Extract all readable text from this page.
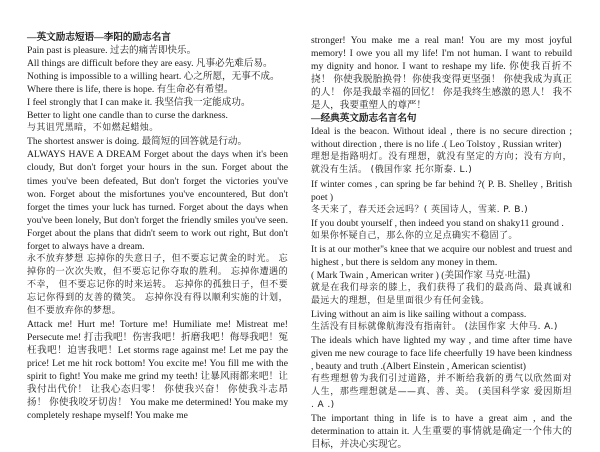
—英文励志短语—李阳的励志名言

Pain past is pleasure. 过去的痛苦即快乐。

All things are difficult before they are easy. 凡事必先难后易。

Nothing is impossible to a willing heart. 心之所愿，无事不成。

Where there is life, there is hope. 有生命必有希望。

I feel strongly that I can make it. 我坚信我一定能成功。

Better to light one candle than to curse the darkness.

与其诅咒黑暗，不如燃起蜡烛。

The shortest answer is doing. 最简短的回答就是行动。

ALWAYS HAVE A DREAM Forget about the days when it's been cloudy, But don't forget your hours in the sun. Forget about the times you've been defeated, But don't forget the victories you've won. Forget about the misfortunes you've encountered, But don't forget the times your luck has turned. Forget about the days when you've been lonely, But don't forget the friendly smiles you've seen. Forget about the plans that didn't seem to work out right, But don't forget to always have a dream.

永不放弃梦想 忘掉你的失意日子，但不要忘记黄金的时光。 忘掉你的一次次失败，但不要忘记你夺取的胜利。 忘掉你遭遇的不幸， 但不要忘记你的时来运转。 忘掉你的孤独日子，但不要忘记你得到的友善的微笑。 忘掉你没有得以顺利实施的计划，但不要放弃你的梦想。

Attack me! Hurt me! Torture me! Humiliate me! Mistreat me! Persecute me! 打击我吧！伤害我吧！折磨我吧！侮辱我吧！冤枉我吧！迫害我吧！Let storms rage against me! Let me pay the price! Let me hit rock bottom! You excite me! You fill me with the spirit to fight! You make me grind my teeth! 让暴风雨都来吧！让我付出代价！ 让我心态归零！ 你使我兴奋！ 你使我斗志昂扬！ 你使我咬牙切齿！ You make me determined! You make my completely reshape myself! You make me

stronger! You make me a real man! You are my most joyful memory! I owe you all my life! I'm not human. I want to rebuild my dignity and honor. I want to reshape my life. 你使我百折不挠！ 你使我脱胎换骨！你使我变得更坚强！ 你使我成为真正的人！ 你是我最幸福的回忆！ 你是我终生感激的恩人！ 我不是人，我要重塑人的尊严！

—经典英文励志名言名句

Ideal is the beacon. Without ideal , there is no secure direction ; without direction , there is no life .( Leo Tolstoy , Russian writer)

理想是指路明灯。没有理想，就没有坚定的方向；没有方向，就没有生活。 (俄国作家 托尔斯泰. L.)

If winter comes , can spring be far behind ?( P. B. Shelley , British poet )

冬天来了，春天还会远吗？( 英国诗人，雪莱. P. B.)

If you doubt yourself , then indeed you stand on shaky11 ground .

如果你怀疑自己，那么你的立足点确实不稳固了。

It is at our mother''s knee that we acquire our noblest and truest and highest , but there is seldom any money in them.

( Mark Twain , American writer ) (美国作家 马克·吐温)

就是在我们母亲的膝上，我们获得了我们的最高尚、最真诚和最远大的理想，但是里面很少有任何金钱。

Living without an aim is like sailing without a compass.

生活没有目标就像航海没有指南针。 (法国作家 大仲马. A.)

The ideals which have lighted my way , and time after time have given me new courage to face life cheerfully 19 have been kindness , beauty and truth .(Albert Einstein , American scientist)

有些理想曾为我们引过道路，并不断给我新的勇气以欣然面对人生，那些理想就是——真、善、美。 (美国科学家 爱因斯坦 . A .)

The important thing in life is to have a great aim , and the determination to attain it. 人生重要的事情就是确定一个伟大的目标，并决心实现它。
